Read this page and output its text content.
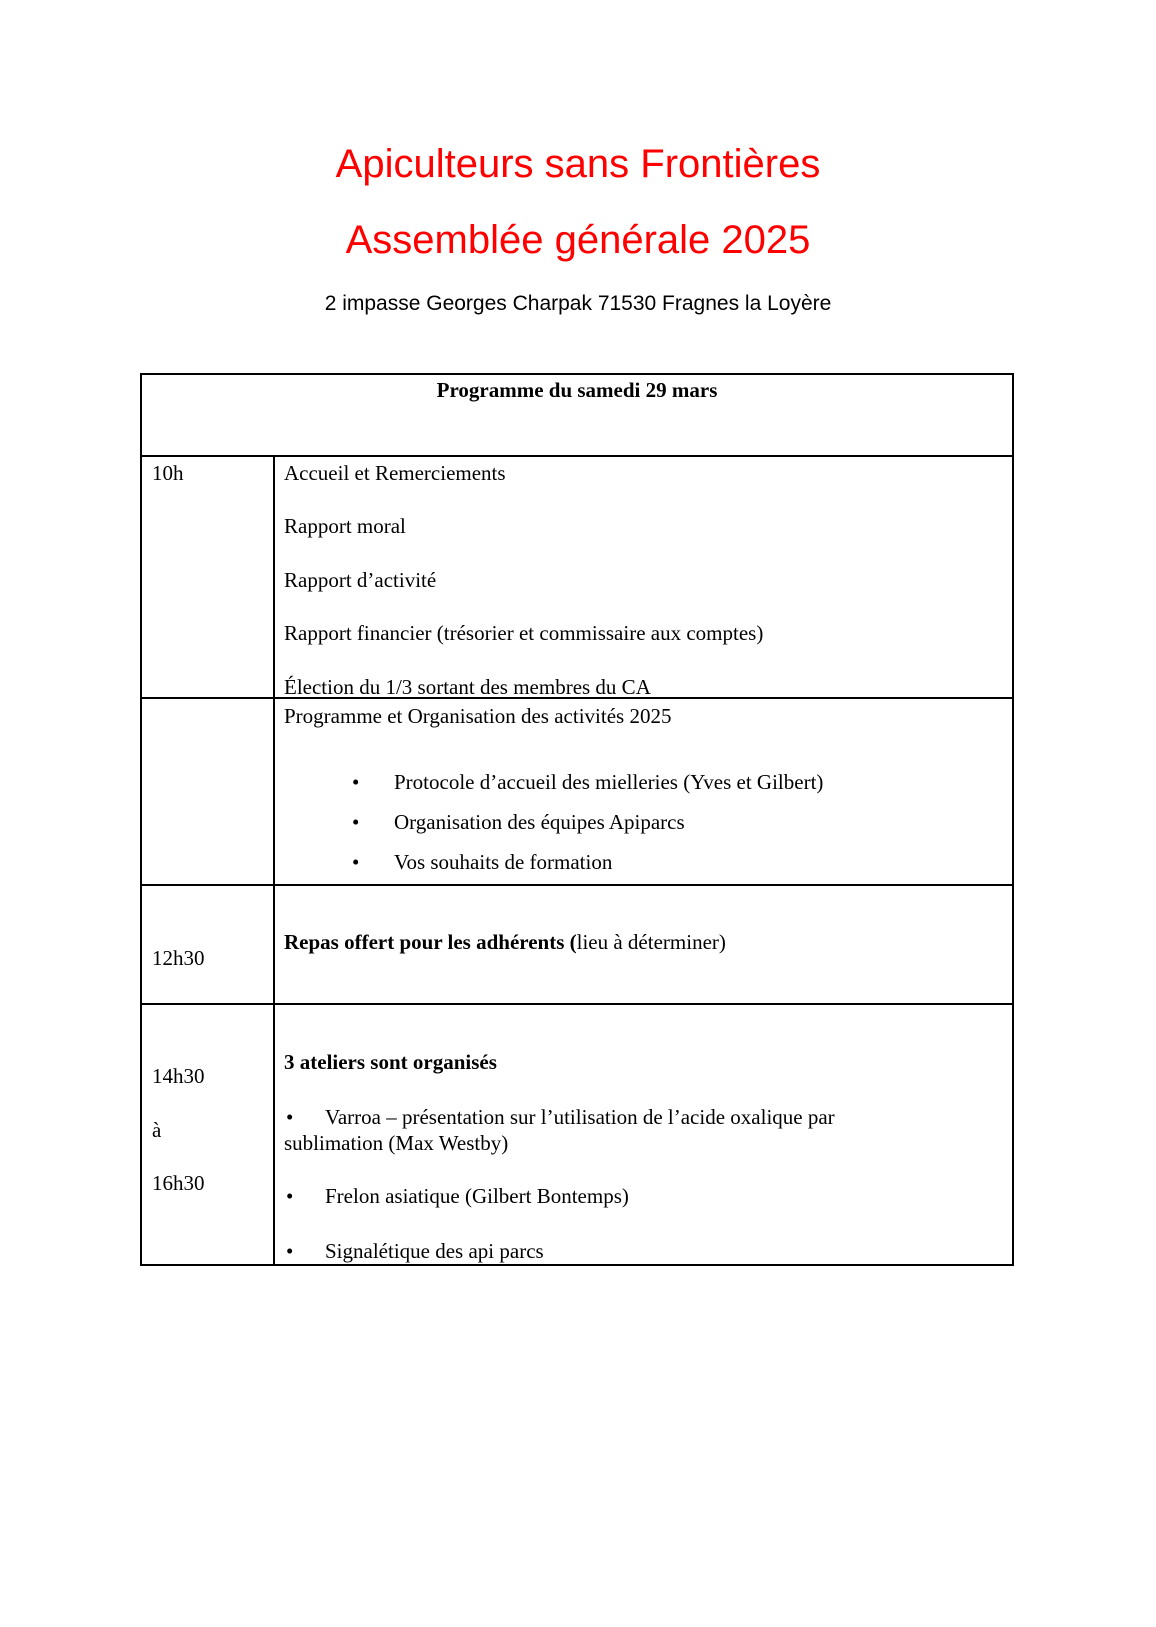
Apiculteurs sans Frontières
Assemblée générale 2025
2 impasse Georges Charpak 71530 Fragnes la Loyère
Programme du samedi 29 mars
10h	Accueil et Remerciements
Rapport moral
Rapport d’activité
Rapport financier (trésorier et commissaire aux comptes)
Élection du 1/3 sortant des membres du CA
Programme et Organisation des activités 2025
• Protocole d’accueil des mielleries (Yves et Gilbert)
• Organisation des équipes Apiparcs
• Vos souhaits de formation
12h30
Repas offert pour les adhérents (lieu à déterminer)
14h30
à
16h30
3 ateliers sont organisés
• Varroa – présentation sur l’utilisation de l’acide oxalique par
sublimation (Max Westby)
• Frelon asiatique (Gilbert Bontemps)
• Signalétique des api parcs
